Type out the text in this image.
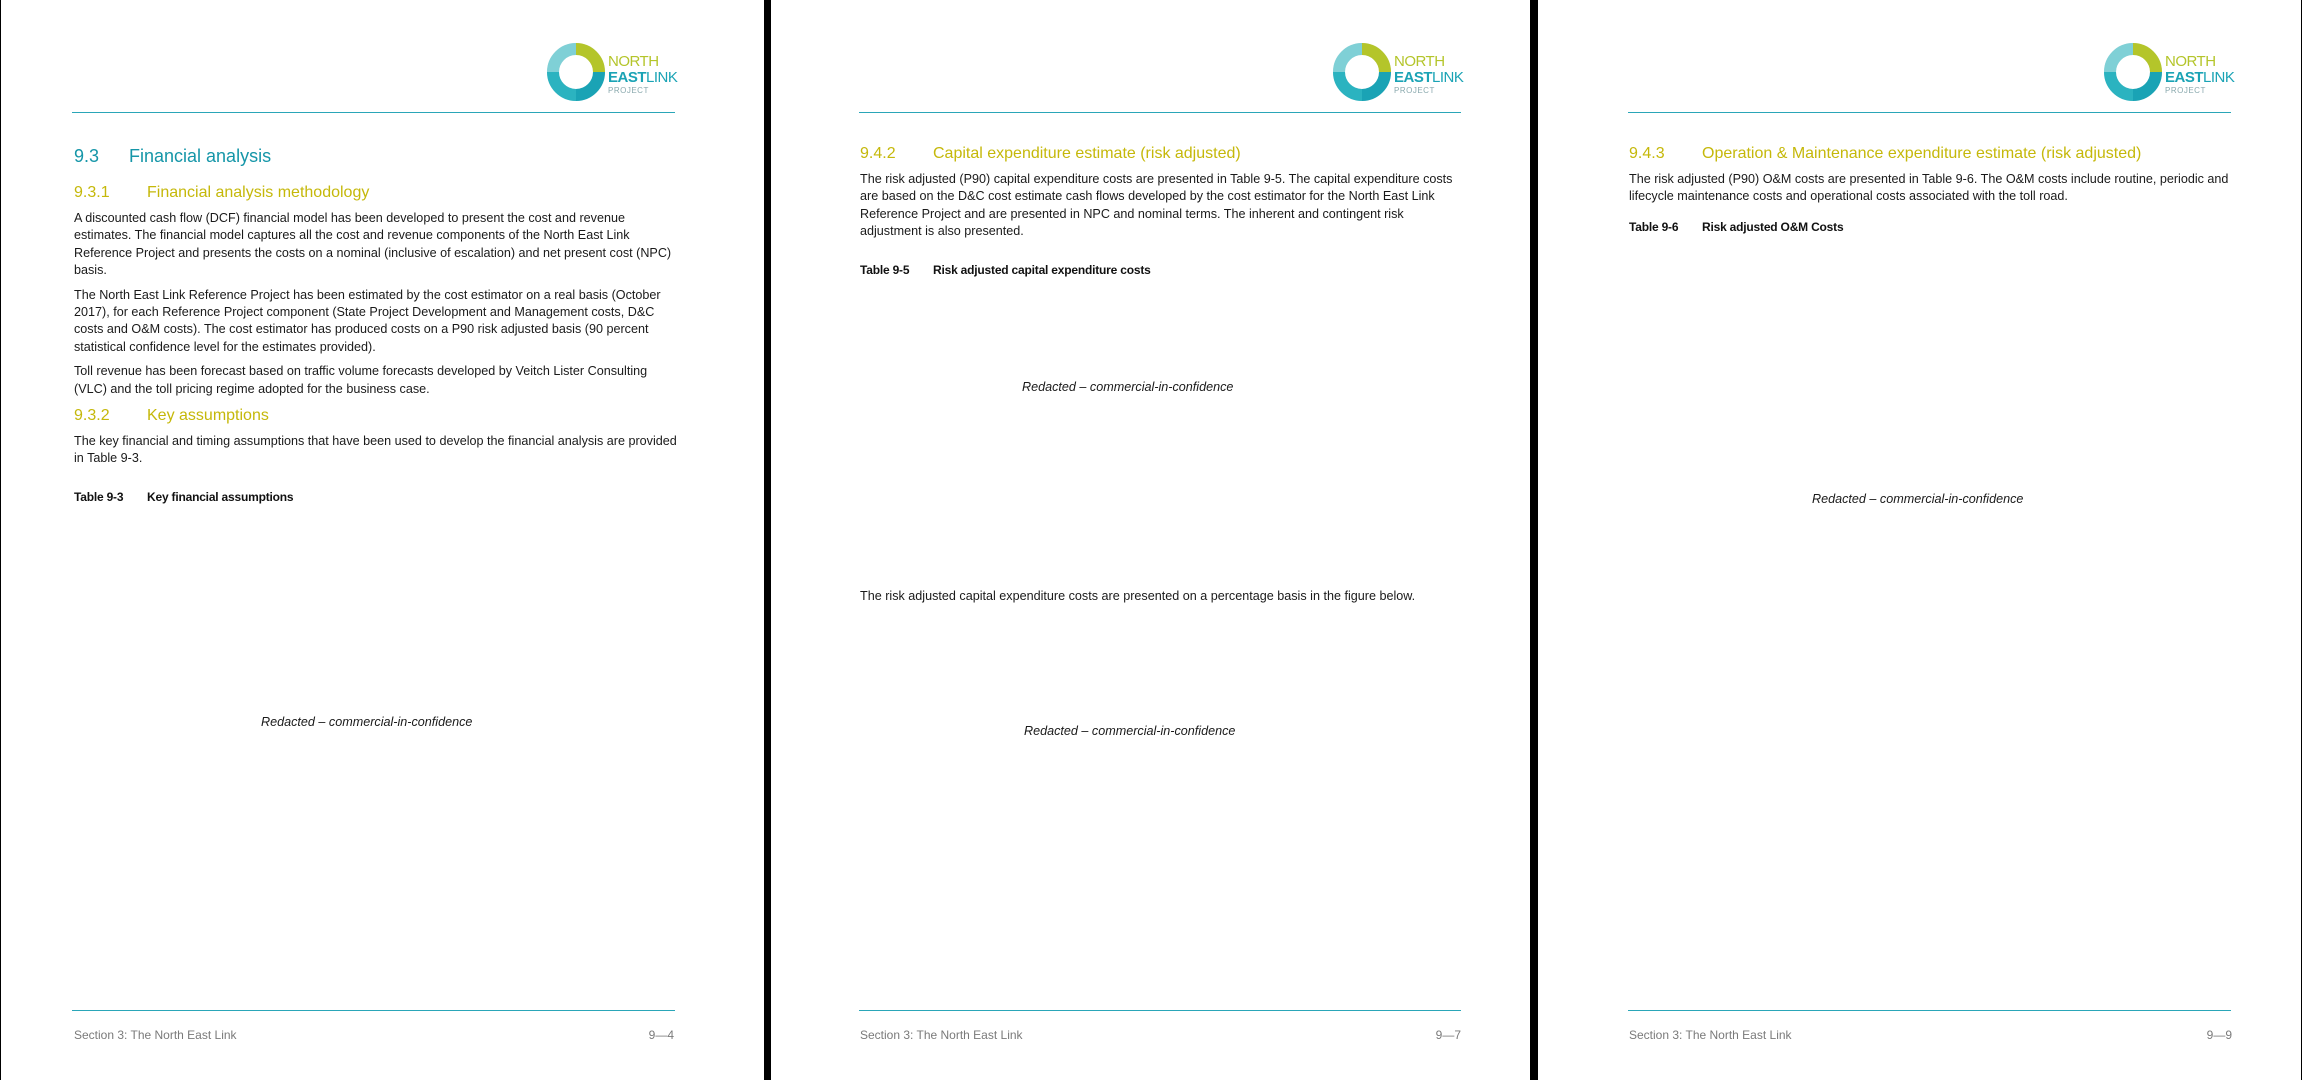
NORTH
EASTLINK
PROJECT
9.3 Financial analysis
9.3.1 Financial analysis methodology

A discounted cash flow (DCF) financial model has been developed to present the cost and revenue estimates. The financial model captures all the cost and revenue components of the North East Link Reference Project and presents the costs on a nominal (inclusive of escalation) and net present cost (NPC) basis.

The North East Link Reference Project has been estimated by the cost estimator on a real basis (October 2017), for each Reference Project component (State Project Development and Management costs, D&C costs and O&M costs). The cost estimator has produced costs on a P90 risk adjusted basis (90 percent statistical confidence level for the estimates provided).

Toll revenue has been forecast based on traffic volume forecasts developed by Veitch Lister Consulting (VLC) and the toll pricing regime adopted for the business case.

9.3.2 Key assumptions

The key financial and timing assumptions that have been used to develop the financial analysis are provided in Table 9-3.

Table 9-3 Key financial assumptions
Redacted – commercial-in-confidence
Section 3: The North East Link	9—4
NORTH
EASTLINK
PROJECT
9.4.2 Capital expenditure estimate (risk adjusted)

The risk adjusted (P90) capital expenditure costs are presented in Table 9-5. The capital expenditure costs are based on the D&C cost estimate cash flows developed by the cost estimator for the North East Link Reference Project and are presented in NPC and nominal terms. The inherent and contingent risk adjustment is also presented.

Table 9-5 Risk adjusted capital expenditure costs
Redacted – commercial-in-confidence

The risk adjusted capital expenditure costs are presented on a percentage basis in the figure below.

Redacted – commercial-in-confidence
Section 3: The North East Link	9—7
NORTH
EASTLINK
PROJECT
9.4.3 Operation & Maintenance expenditure estimate (risk adjusted)

The risk adjusted (P90) O&M costs are presented in Table 9-6. The O&M costs include routine, periodic and lifecycle maintenance costs and operational costs associated with the toll road.

Table 9-6 Risk adjusted O&M Costs
Redacted – commercial-in-confidence
Section 3: The North East Link	9—9
